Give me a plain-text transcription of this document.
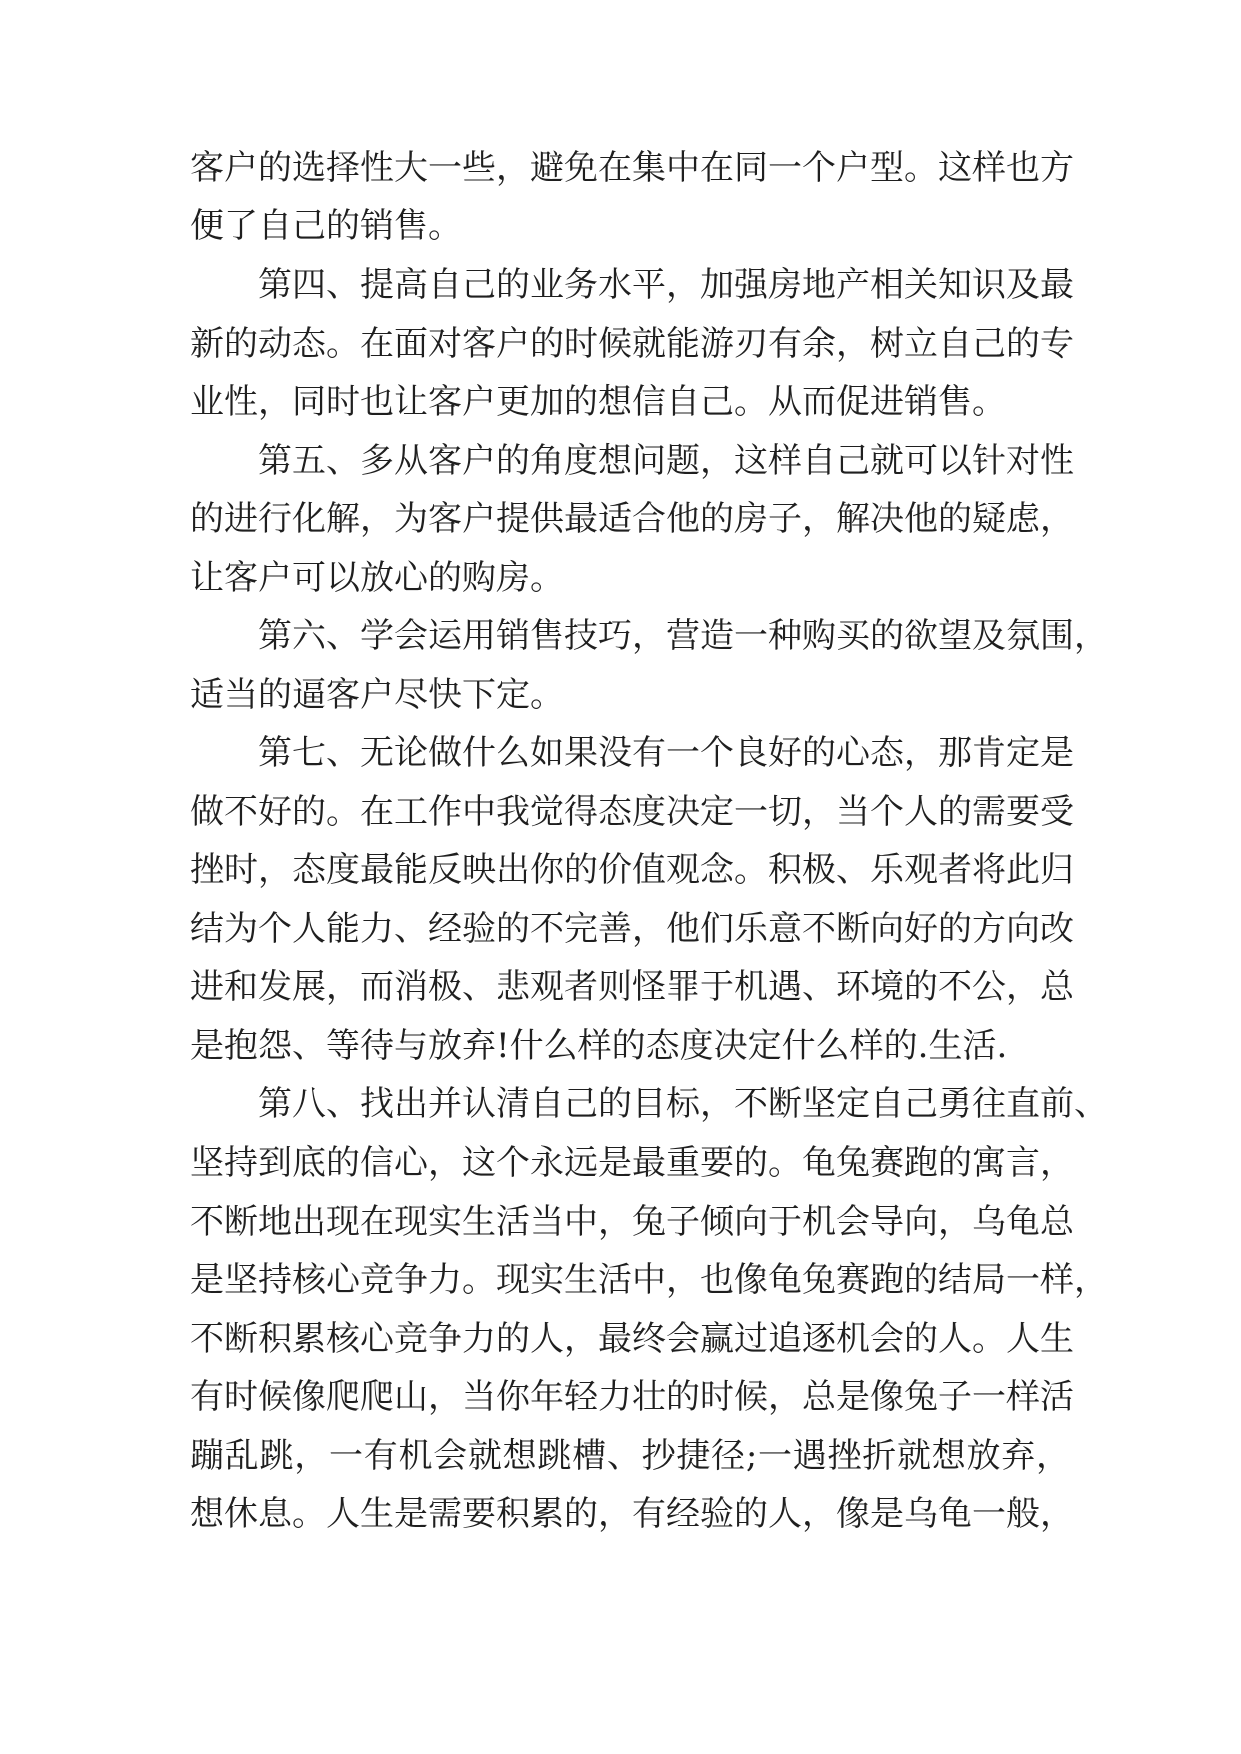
客户的选择性大一些，避免在集中在同一个户型。这样也方
便了自己的销售。
第四、提高自己的业务水平，加强房地产相关知识及最
新的动态。在面对客户的时候就能游刃有余，树立自己的专
业性，同时也让客户更加的想信自己。从而促进销售。
第五、多从客户的角度想问题，这样自己就可以针对性
的进行化解，为客户提供最适合他的房子，解决他的疑虑，
让客户可以放心的购房。
第六、学会运用销售技巧，营造一种购买的欲望及氛围，
适当的逼客户尽快下定。
第七、无论做什么如果没有一个良好的心态，那肯定是
做不好的。在工作中我觉得态度决定一切，当个人的需要受
挫时，态度最能反映出你的价值观念。积极、乐观者将此归
结为个人能力、经验的不完善，他们乐意不断向好的方向改
进和发展，而消极、悲观者则怪罪于机遇、环境的不公，总
是抱怨、等待与放弃!什么样的态度决定什么样的.生活.
第八、找出并认清自己的目标，不断坚定自己勇往直前、
坚持到底的信心，这个永远是最重要的。龟兔赛跑的寓言，
不断地出现在现实生活当中，兔子倾向于机会导向，乌龟总
是坚持核心竞争力。现实生活中，也像龟兔赛跑的结局一样，
不断积累核心竞争力的人，最终会赢过追逐机会的人。人生
有时候像爬爬山，当你年轻力壮的时候，总是像兔子一样活
蹦乱跳，一有机会就想跳槽、抄捷径;一遇挫折就想放弃，
想休息。人生是需要积累的，有经验的人，像是乌龟一般，
